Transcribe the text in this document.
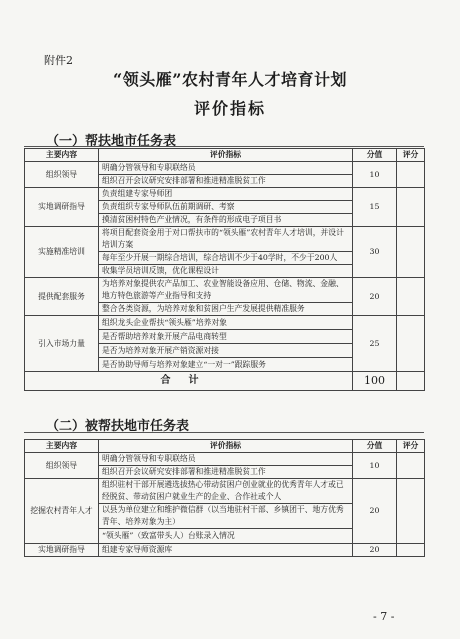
附件2
“领头雁”农村青年人才培育计划
评价指标
（一）帮扶地市任务表
主要内容	评价指标	分值	评分
组织领导	明确分管领导和专职联络员	10	
	组织召开会议研究安排部署和推进精准脱贫工作		
实地调研指导	负责组建专家导师团	15	
	负责组织专家导师队伍前期调研、考察		
	摸清贫困村特色产业情况，有条件的形成电子项目书		
实施精准培训	将项目配套资金用于对口帮扶市的“领头雁”农村青年人才培训，并设计培训方案	30	
	每年至少开展一期综合培训，综合培训不少于40学时，不少于200人		
	收集学员培训反馈，优化课程设计		
提供配套服务	为培养对象提供农产品加工、农业智能设备应用、仓储、物流、金融、地方特色旅游等产业指导和支持	20	
	整合各类资源，为培养对象和贫困户生产发展提供精准服务		
引入市场力量	组织龙头企业帮扶“领头雁”培养对象	25	
	是否帮助培养对象开展产品电商转型		
	是否为培养对象开展产销资源对接		
	是否协助导师与培养对象建立“一对一”跟踪服务		
合计		100	
（二）被帮扶地市任务表
主要内容	评价指标	分值	评分
组织领导	明确分管领导和专职联络员	10	
	组织召开会议研究安排部署和推进精准脱贫工作		
挖掘农村青年人才	组织驻村干部开展遴选拔热心带动贫困户创业就业的优秀青年人才或已经脱贫、带动贫困户就业生产的企业、合作社或个人	20	
	以县为单位建立和维护微信群（以当地驻村干部、乡镇团干、地方优秀青年、培养对象为主）		
	“领头雁”（致富带头人）台账录入情况		
实地调研指导	组建专家导师资源库	20	
- 7 -
